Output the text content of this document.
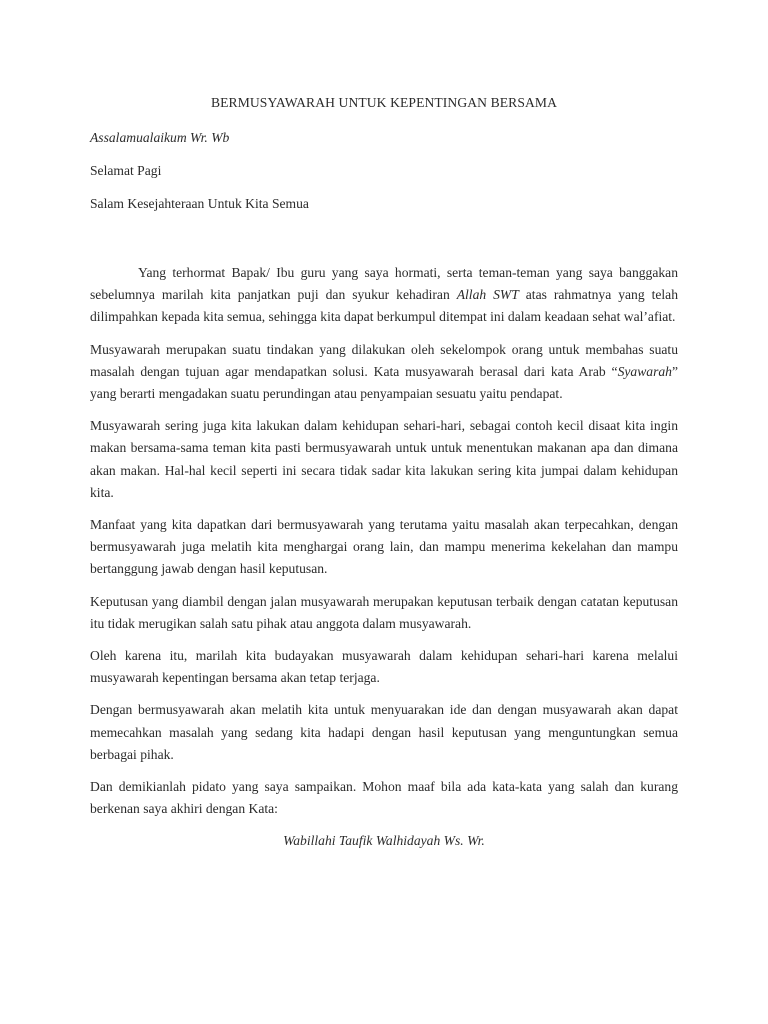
BERMUSYAWARAH UNTUK KEPENTINGAN BERSAMA
Assalamualaikum Wr. Wb
Selamat Pagi
Salam Kesejahteraan Untuk Kita Semua

Yang terhormat Bapak/ Ibu guru yang saya hormati, serta teman-teman yang saya banggakan sebelumnya marilah kita panjatkan puji dan syukur kehadiran Allah SWT atas rahmatnya yang telah dilimpahkan kepada kita semua, sehingga kita dapat berkumpul ditempat ini dalam keadaan sehat wal’afiat.

Musyawarah merupakan suatu tindakan yang dilakukan oleh sekelompok orang untuk membahas suatu masalah dengan tujuan agar mendapatkan solusi. Kata musyawarah berasal dari kata Arab “Syawarah” yang berarti mengadakan suatu perundingan atau penyampaian sesuatu yaitu pendapat.

Musyawarah sering juga kita lakukan dalam kehidupan sehari-hari, sebagai contoh kecil disaat kita ingin makan bersama-sama teman kita pasti bermusyawarah untuk untuk menentukan makanan apa dan dimana akan makan. Hal-hal kecil seperti ini secara tidak sadar kita lakukan sering kita jumpai dalam kehidupan kita.

Manfaat yang kita dapatkan dari bermusyawarah yang terutama yaitu masalah akan terpecahkan, dengan bermusyawarah juga melatih kita menghargai orang lain, dan mampu menerima kekelahan dan mampu bertanggung jawab dengan hasil keputusan.

Keputusan yang diambil dengan jalan musyawarah merupakan keputusan terbaik dengan catatan keputusan itu tidak merugikan salah satu pihak atau anggota dalam musyawarah.

Oleh karena itu, marilah kita budayakan musyawarah dalam kehidupan sehari-hari karena melalui musyawarah kepentingan bersama akan tetap terjaga.

Dengan bermusyawarah akan melatih kita untuk menyuarakan ide dan dengan musyawarah akan dapat memecahkan masalah yang sedang kita hadapi dengan hasil keputusan yang menguntungkan semua berbagai pihak.

Dan demikianlah pidato yang saya sampaikan. Mohon maaf bila ada kata-kata yang salah dan kurang berkenan saya akhiri dengan Kata:

Wabillahi Taufik Walhidayah Ws. Wr.
